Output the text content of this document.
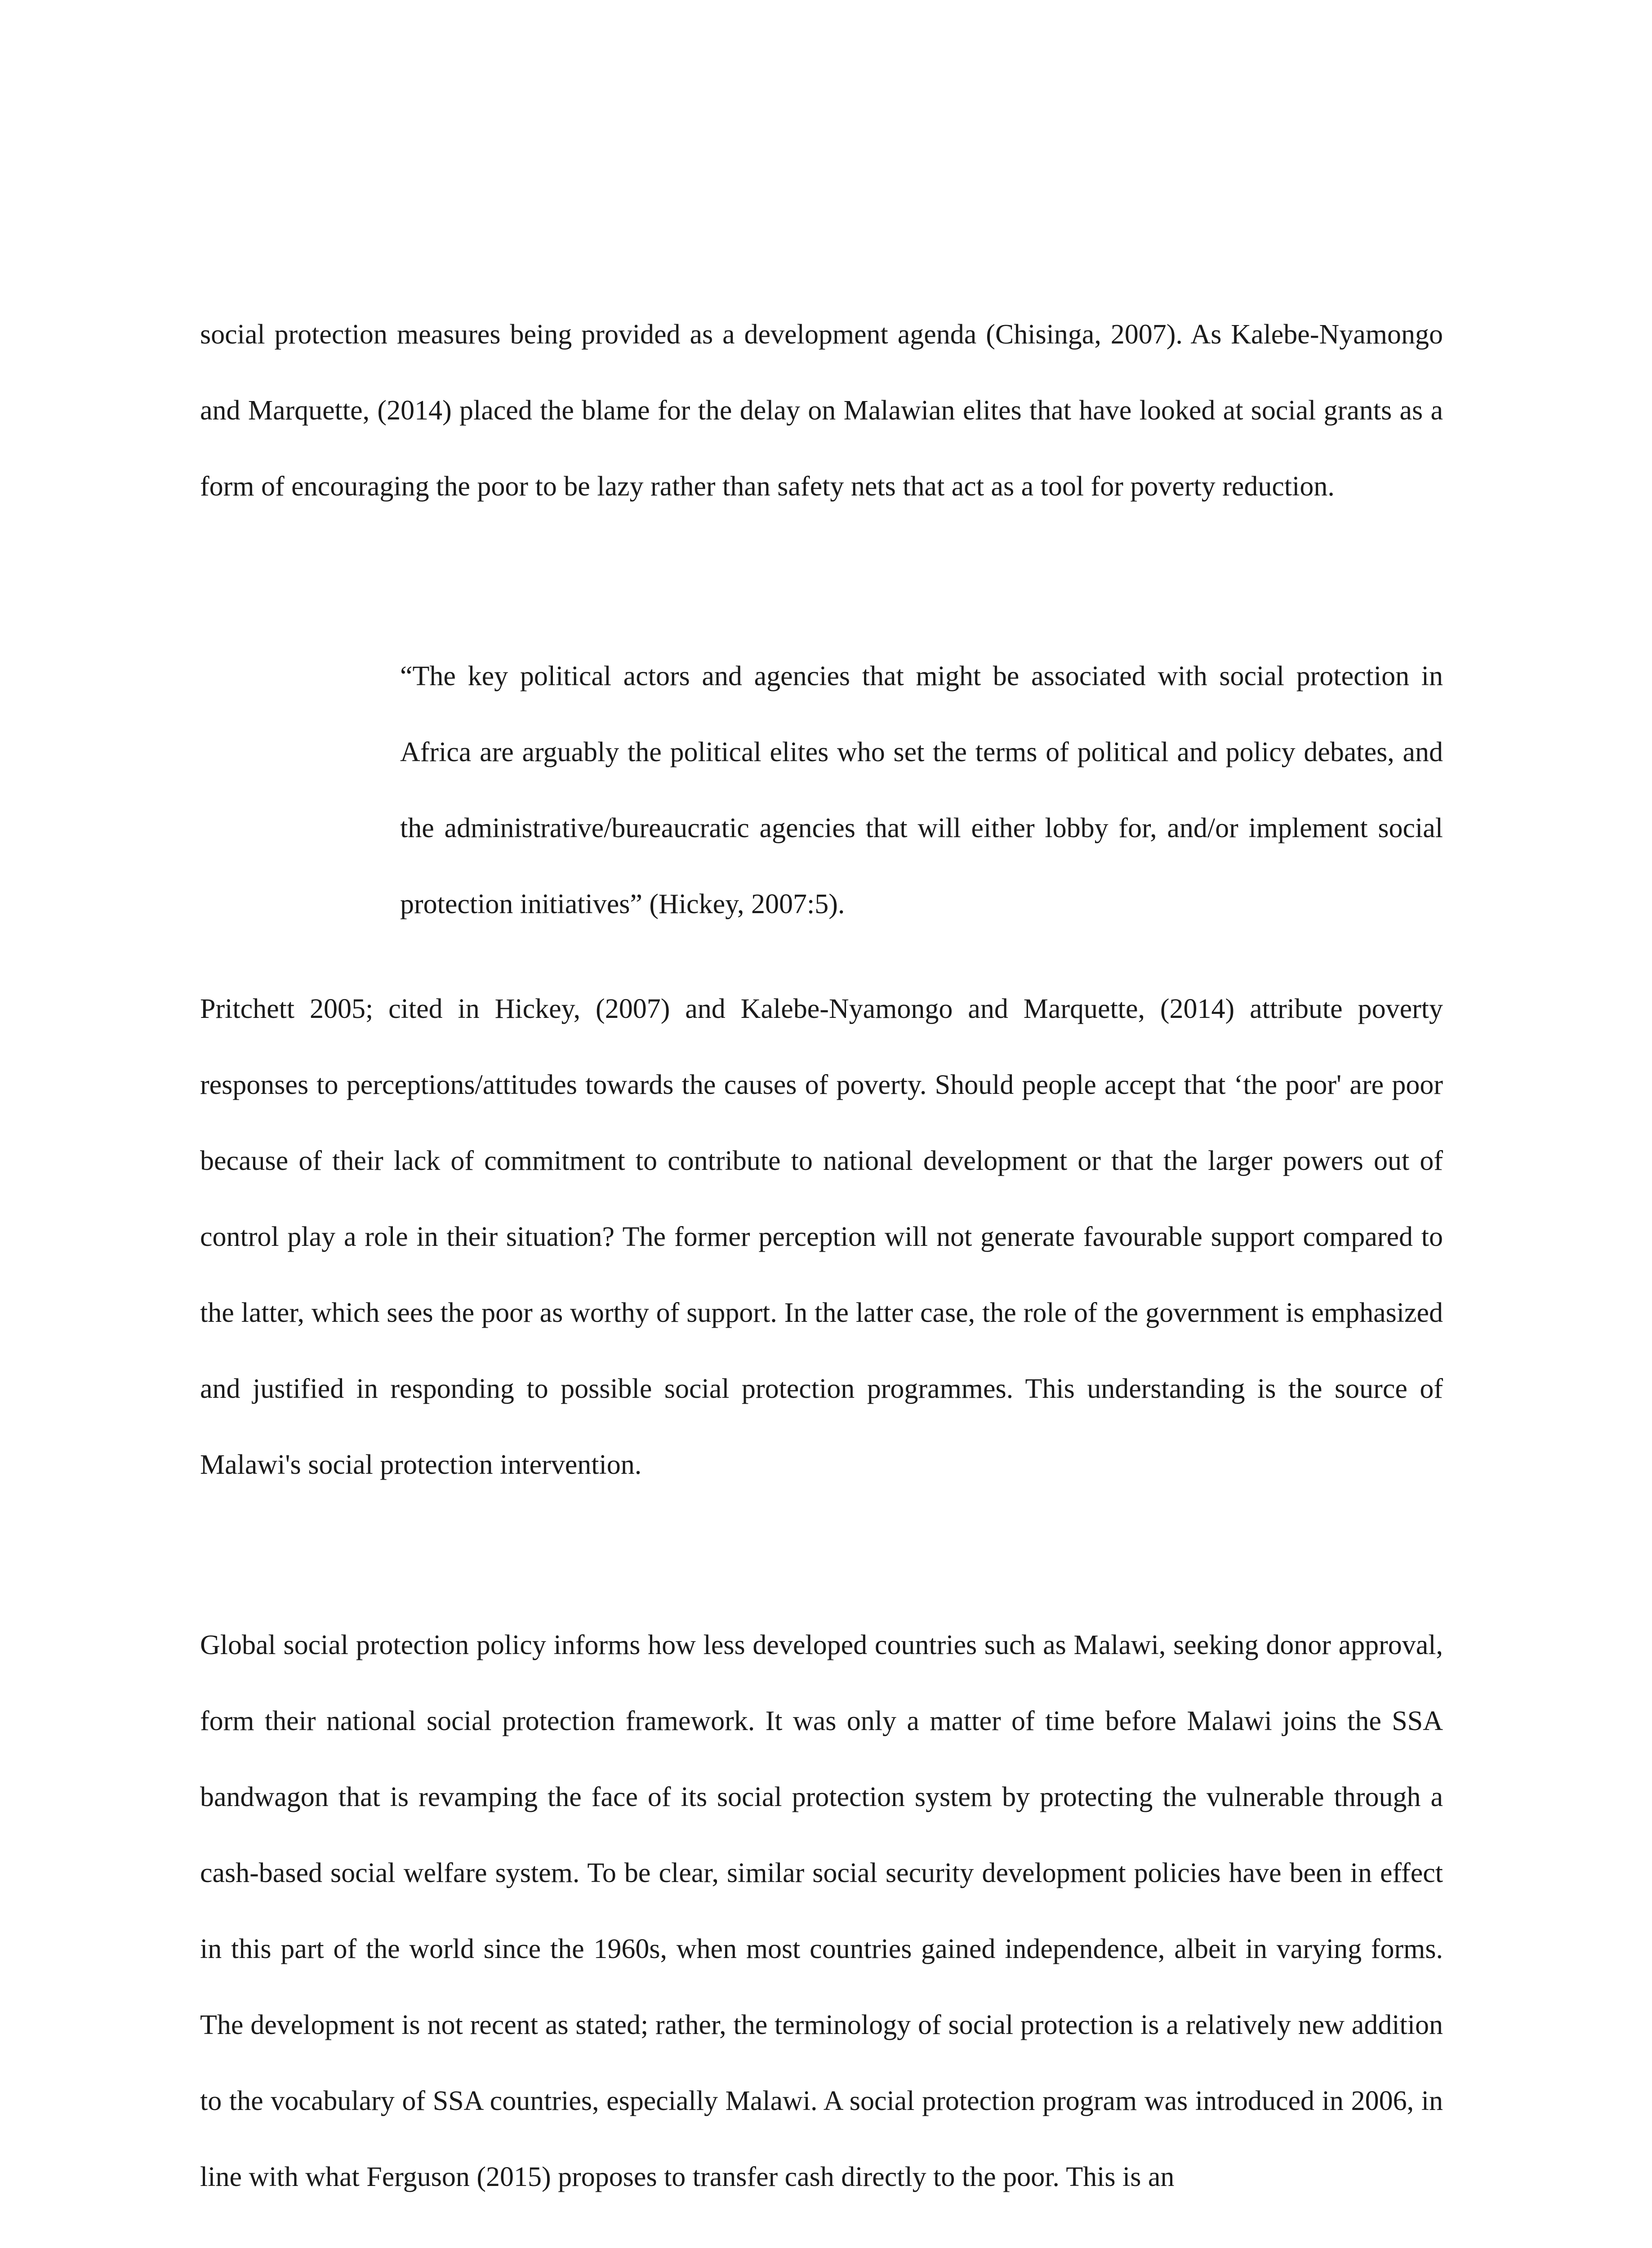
social protection measures being provided as a development agenda (Chisinga, 2007). As Kalebe-Nyamongo and Marquette, (2014) placed the blame for the delay on Malawian elites that have looked at social grants as a form of encouraging the poor to be lazy rather than safety nets that act as a tool for poverty reduction.

“The key political actors and agencies that might be associated with social protection in Africa are arguably the political elites who set the terms of political and policy debates, and the administrative/bureaucratic agencies that will either lobby for, and/or implement social protection initiatives” (Hickey, 2007:5).

Pritchett 2005; cited in Hickey, (2007) and Kalebe-Nyamongo and Marquette, (2014) attribute poverty responses to perceptions/attitudes towards the causes of poverty. Should people accept that ‘the poor' are poor because of their lack of commitment to contribute to national development or that the larger powers out of control play a role in their situation? The former perception will not generate favourable support compared to the latter, which sees the poor as worthy of support. In the latter case, the role of the government is emphasized and justified in responding to possible social protection programmes. This understanding is the source of Malawi's social protection intervention.

Global social protection policy informs how less developed countries such as Malawi, seeking donor approval, form their national social protection framework. It was only a matter of time before Malawi joins the SSA bandwagon that is revamping the face of its social protection system by protecting the vulnerable through a cash-based social welfare system. To be clear, similar social security development policies have been in effect in this part of the world since the 1960s, when most countries gained independence, albeit in varying forms. The development is not recent as stated; rather, the terminology of social protection is a relatively new addition to the vocabulary of SSA countries, especially Malawi. A social protection program was introduced in 2006, in line with what Ferguson (2015) proposes to transfer cash directly to the poor. This is an
